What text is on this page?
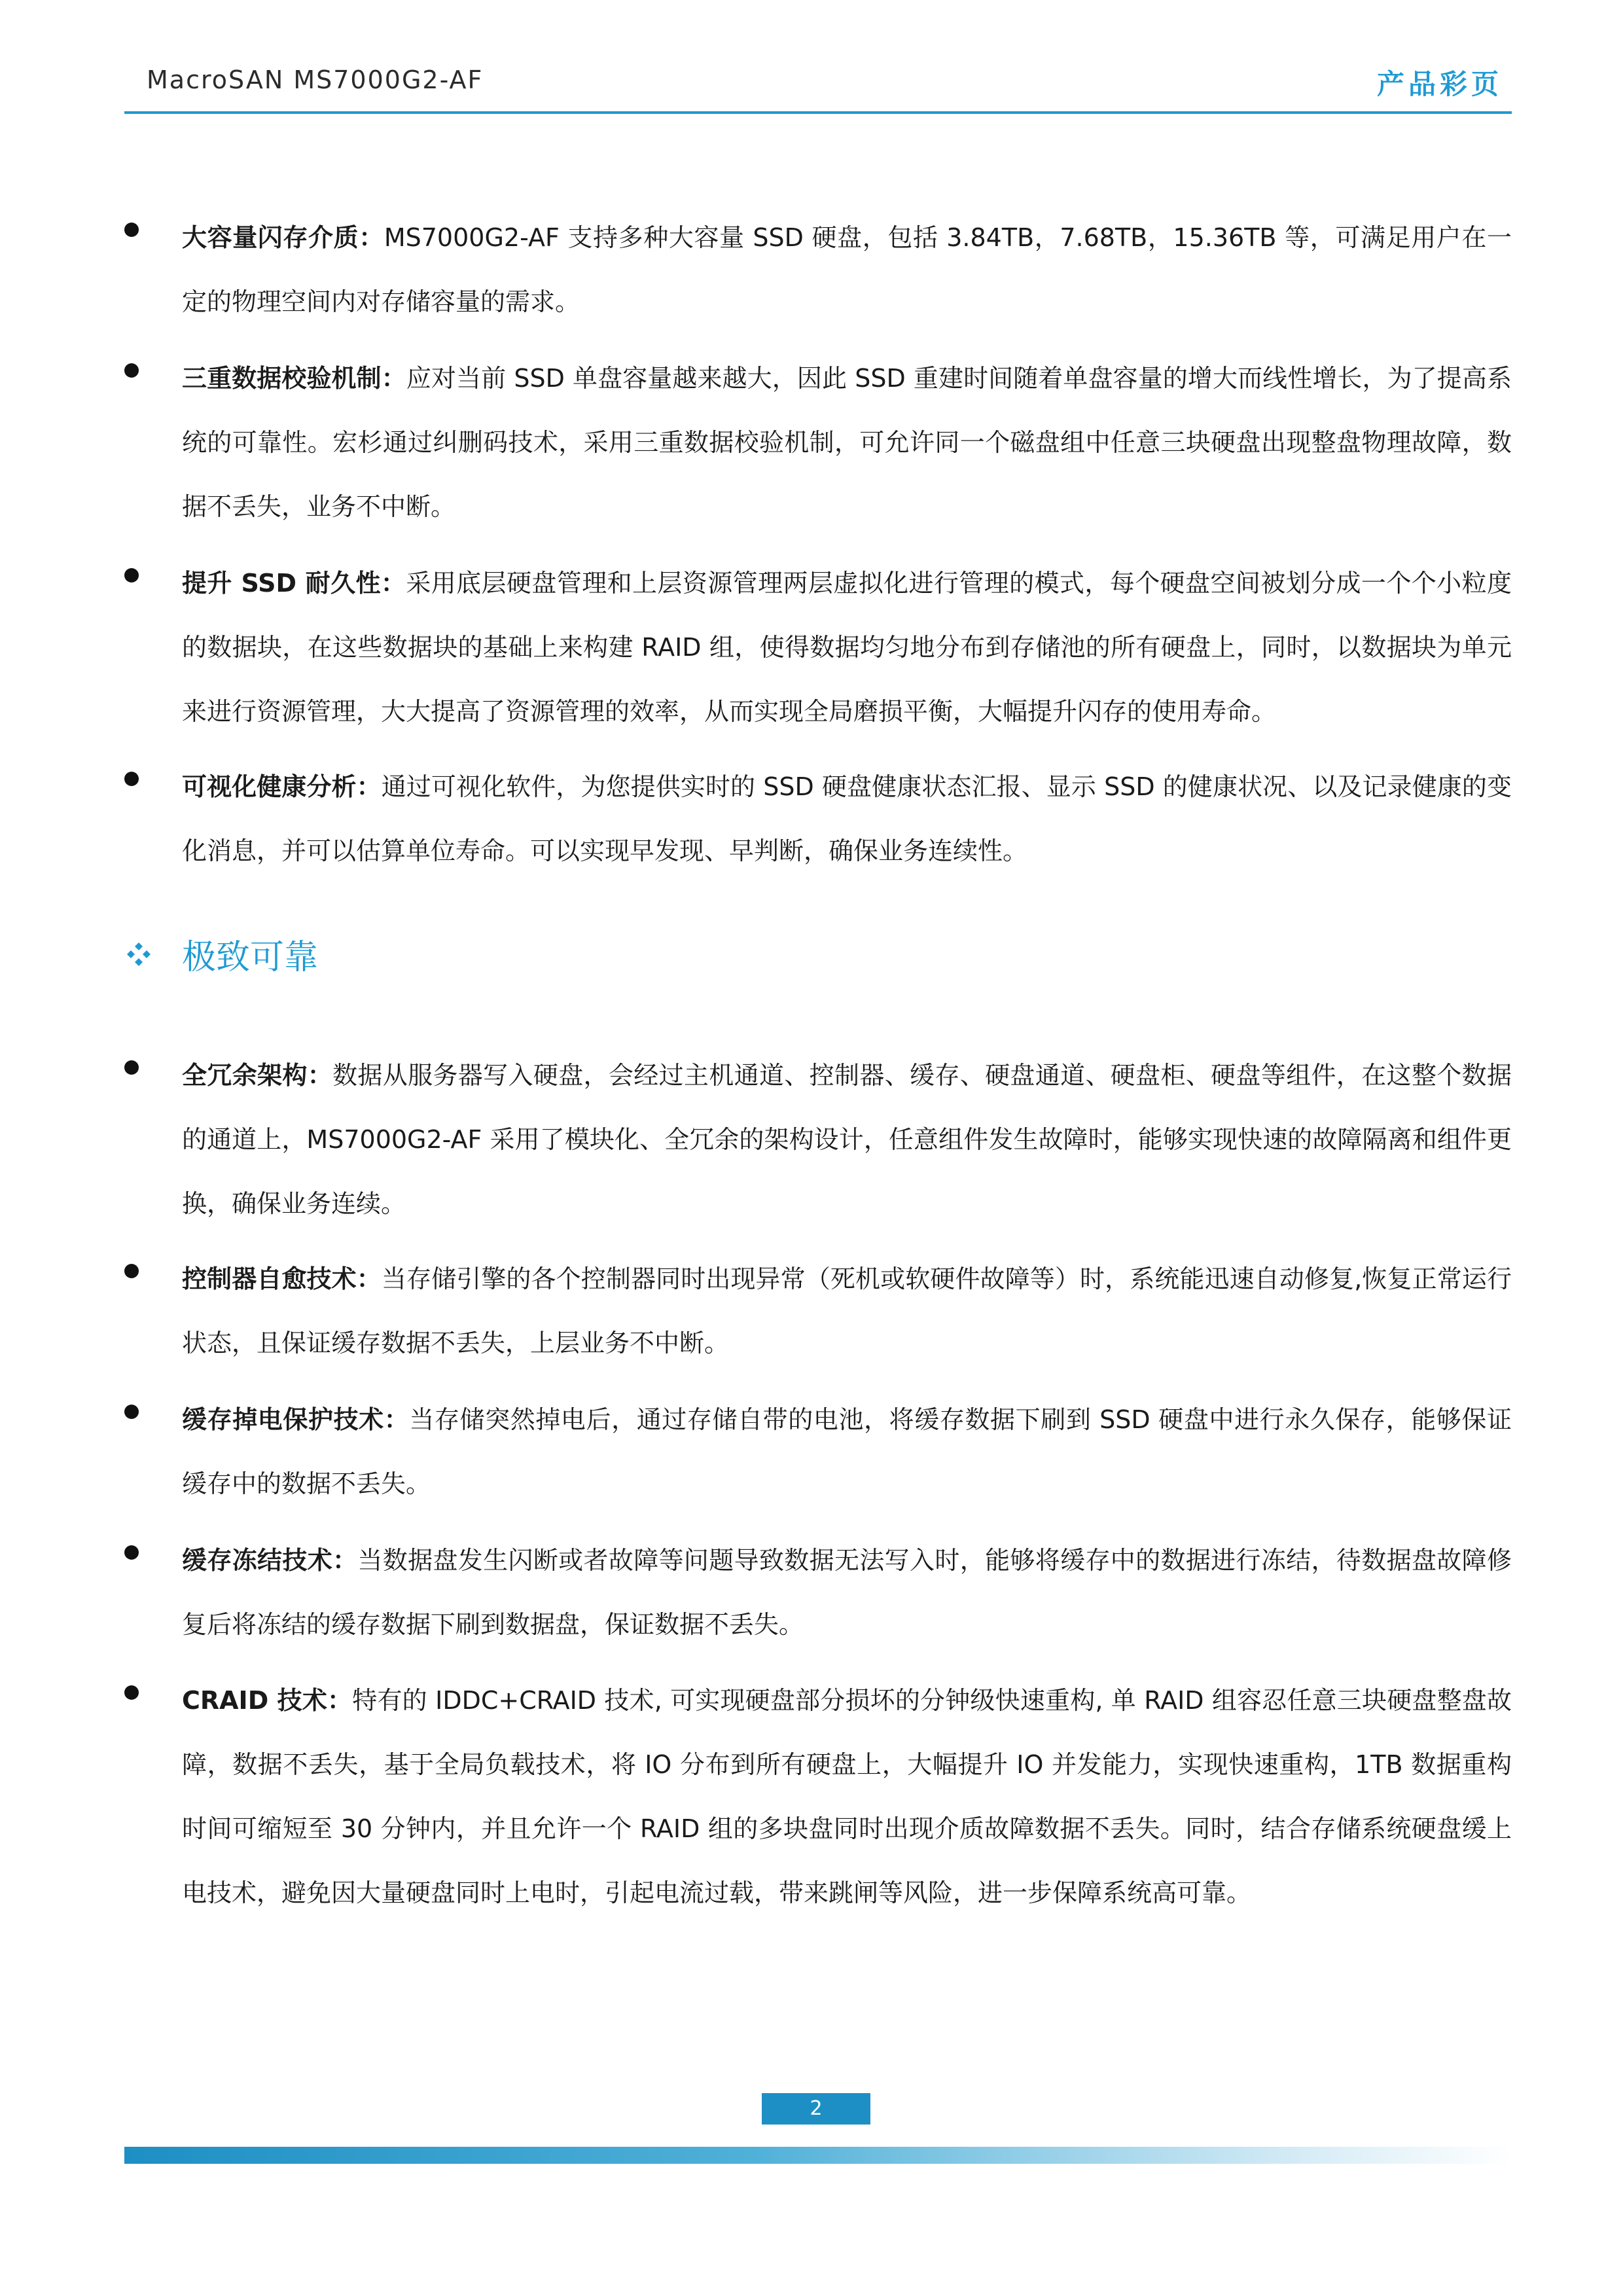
MacroSAN MS7000G2-AF	产品彩页

大容量闪存介质：MS7000G2-AF 支持多种大容量 SSD 硬盘，包括 3.84TB，7.68TB，15.36TB 等，可满足用户在一定的物理空间内对存储容量的需求。

三重数据校验机制：应对当前 SSD 单盘容量越来越大，因此 SSD 重建时间随着单盘容量的增大而线性增长，为了提高系统的可靠性。宏杉通过纠删码技术，采用三重数据校验机制，可允许同一个磁盘组中任意三块硬盘出现整盘物理故障，数据不丢失，业务不中断。

提升 SSD 耐久性：采用底层硬盘管理和上层资源管理两层虚拟化进行管理的模式，每个硬盘空间被划分成一个个小粒度的数据块，在这些数据块的基础上来构建 RAID 组，使得数据均匀地分布到存储池的所有硬盘上，同时，以数据块为单元来进行资源管理，大大提高了资源管理的效率，从而实现全局磨损平衡，大幅提升闪存的使用寿命。

可视化健康分析：通过可视化软件，为您提供实时的 SSD 硬盘健康状态汇报、显示 SSD 的健康状况、以及记录健康的变化消息，并可以估算单位寿命。可以实现早发现、早判断，确保业务连续性。

极致可靠

全冗余架构：数据从服务器写入硬盘，会经过主机通道、控制器、缓存、硬盘通道、硬盘柜、硬盘等组件，在这整个数据的通道上，MS7000G2-AF 采用了模块化、全冗余的架构设计，任意组件发生故障时，能够实现快速的故障隔离和组件更换，确保业务连续。

控制器自愈技术：当存储引擎的各个控制器同时出现异常（死机或软硬件故障等）时，系统能迅速自动修复,恢复正常运行状态，且保证缓存数据不丢失，上层业务不中断。

缓存掉电保护技术：当存储突然掉电后，通过存储自带的电池，将缓存数据下刷到 SSD 硬盘中进行永久保存，能够保证缓存中的数据不丢失。

缓存冻结技术：当数据盘发生闪断或者故障等问题导致数据无法写入时，能够将缓存中的数据进行冻结，待数据盘故障修复后将冻结的缓存数据下刷到数据盘，保证数据不丢失。

CRAID 技术：特有的 IDDC+CRAID 技术, 可实现硬盘部分损坏的分钟级快速重构, 单 RAID 组容忍任意三块硬盘整盘故障，数据不丢失，基于全局负载技术，将 IO 分布到所有硬盘上，大幅提升 IO 并发能力，实现快速重构，1TB 数据重构时间可缩短至 30 分钟内，并且允许一个 RAID 组的多块盘同时出现介质故障数据不丢失。同时，结合存储系统硬盘缓上电技术，避免因大量硬盘同时上电时，引起电流过载，带来跳闸等风险，进一步保障系统高可靠。

2
